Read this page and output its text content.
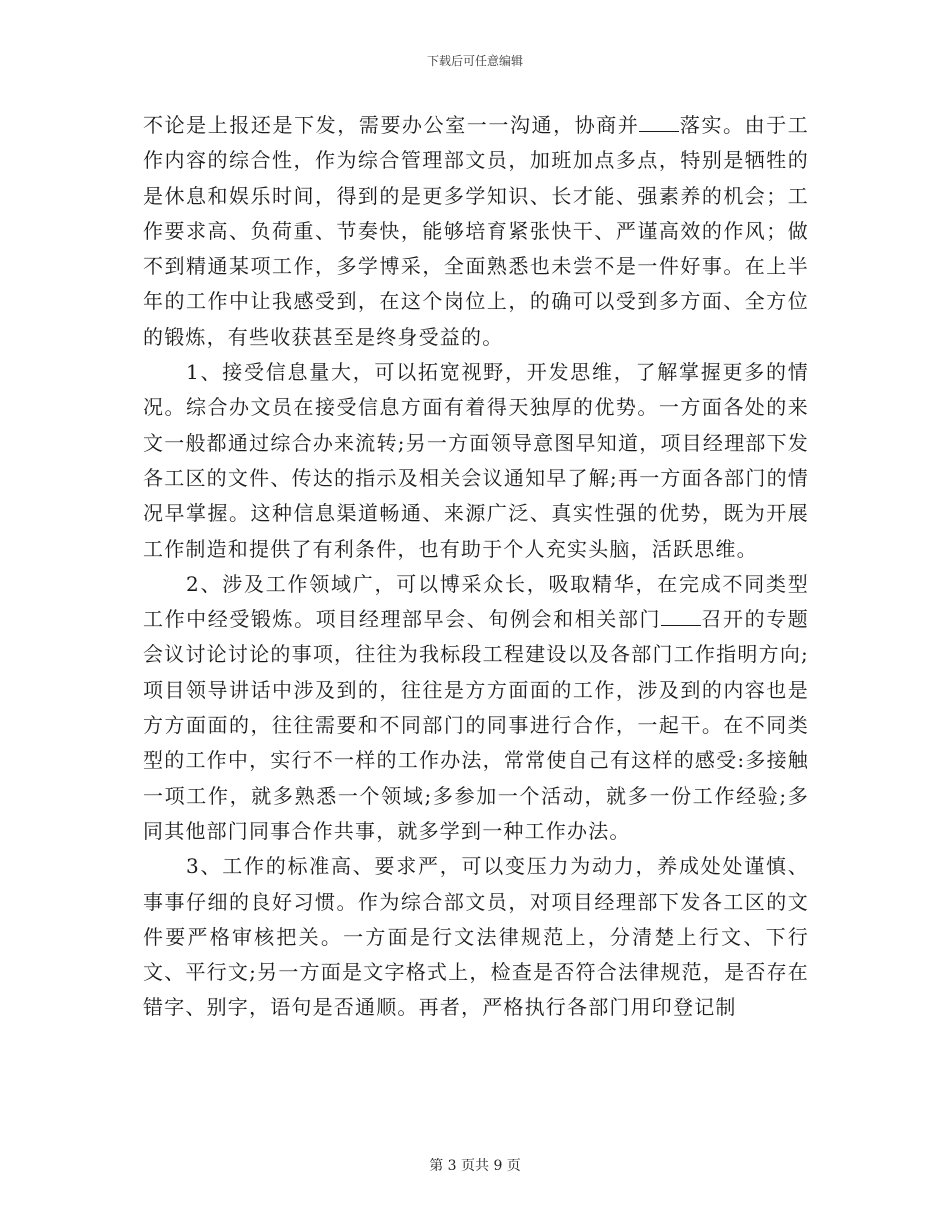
下载后可任意编辑

不论是上报还是下发，需要办公室一一沟通，协商并 落实。由于工作内容的综合性，作为综合管理部文员，加班加点多点，特别是牺牲的是休息和娱乐时间，得到的是更多学知识、长才能、强素养的机会；工作要求高、负荷重、节奏快，能够培育紧张快干、严谨高效的作风；做不到精通某项工作，多学博采，全面熟悉也未尝不是一件好事。在上半年的工作中让我感受到，在这个岗位上，的确可以受到多方面、全方位的锻炼，有些收获甚至是终身受益的。

1、接受信息量大，可以拓宽视野，开发思维，了解掌握更多的情况。综合办文员在接受信息方面有着得天独厚的优势。一方面各处的来文一般都通过综合办来流转;另一方面领导意图早知道，项目经理部下发各工区的文件、传达的指示及相关会议通知早了解;再一方面各部门的情况早掌握。这种信息渠道畅通、来源广泛、真实性强的优势，既为开展工作制造和提供了有利条件，也有助于个人充实头脑，活跃思维。

2、涉及工作领域广，可以博采众长，吸取精华，在完成不同类型工作中经受锻炼。项目经理部早会、旬例会和相关部门 召开的专题会议讨论讨论的事项，往往为我标段工程建设以及各部门工作指明方向;项目领导讲话中涉及到的，往往是方方面面的工作，涉及到的内容也是方方面面的，往往需要和不同部门的同事进行合作，一起干。在不同类型的工作中，实行不一样的工作办法，常常使自己有这样的感受:多接触一项工作，就多熟悉一个领域;多参加一个活动，就多一份工作经验;多同其他部门同事合作共事，就多学到一种工作办法。

3、工作的标准高、要求严，可以变压力为动力，养成处处谨慎、事事仔细的良好习惯。作为综合部文员，对项目经理部下发各工区的文件要严格审核把关。一方面是行文法律规范上，分清楚上行文、下行文、平行文;另一方面是文字格式上，检查是否符合法律规范，是否存在错字、别字，语句是否通顺。再者，严格执行各部门用印登记制

第 3 页共 9 页
